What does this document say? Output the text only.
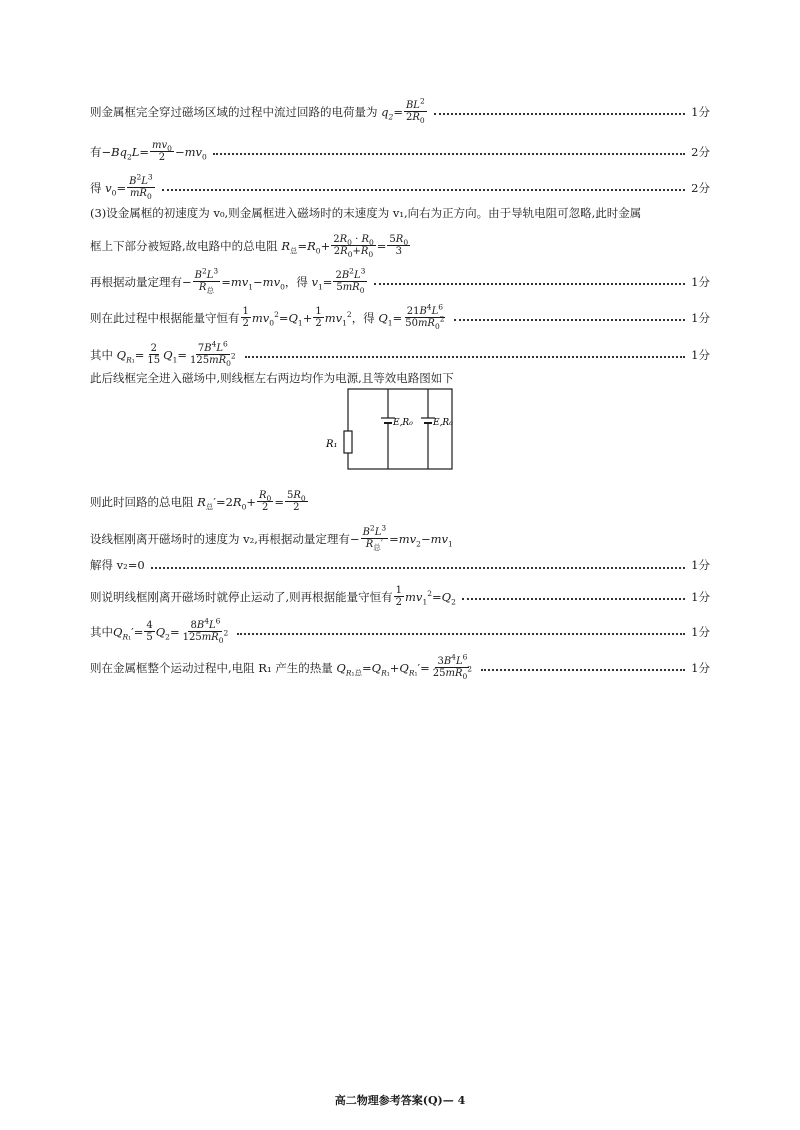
则金属框完全穿过磁场区域的过程中流过回路的电荷量为 $q_2= \frac{BL^2}{2R_0}$	1分
有 $-Bq_2L= \frac{mv_0}{2} -mv_0$	2分
得 $v_0= \frac{B^2L^3}{mR_0}$	2分
(3)设金属框的初速度为 v₀,则金属框进入磁场时的末速度为 v₁,向右为正方向。由于导轨电阻可忽略,此时金属
框上下部分被短路,故电路中的总电阻 $R_总=R_0+ \frac{2R_0 \cdot R_0}{2R_0+R_0} = \frac{5R_0}{3}$
再根据动量定理有 − $\frac{B^2L^3}{R_总} =mv_1-mv_0$，得 $v_1= \frac{2B^2L^3}{5mR_0}$	1分
则在此过程中根据能量守恒有 $\frac{1}{2} mv_0^2=Q_1+ \frac{1}{2} mv_1^2$，得 $Q_1= \frac{21B^4L^6}{50mR_0^2}$	1分
其中 $Q_{R_1}= \frac{2}{15} Q_1= \frac{7B^4L^6}{125mR_0^2}$	1分
此后线框完全进入磁场中,则线框左右两边均作为电源,且等效电路图如下
R₁
E,R₀ E,R₀
则此时回路的总电阻 $R_总'=2R_0+ \frac{R_0}{2} = \frac{5R_0}{2}$
设线框刚离开磁场时的速度为 v₂,再根据动量定理有 − $\frac{B^2L^3}{R_总'} =mv_2-mv_1$
解得 v₂=0	1分
则说明线框刚离开磁场时就停止运动了,则再根据能量守恒有 $\frac{1}{2} mv_1^2=Q_2$	1分
其中 $Q_{R_1}'= \frac{4}{5} Q_2= \frac{8B^4L^6}{125mR_0^2}$	1分
则在金属框整个运动过程中,电阻 R₁ 产生的热量 $Q_{R_1总}=Q_{R_1}+Q_{R_1}'= \frac{3B^4L^6}{25mR_0^2}$	1分
高二物理参考答案(Q)— 4
